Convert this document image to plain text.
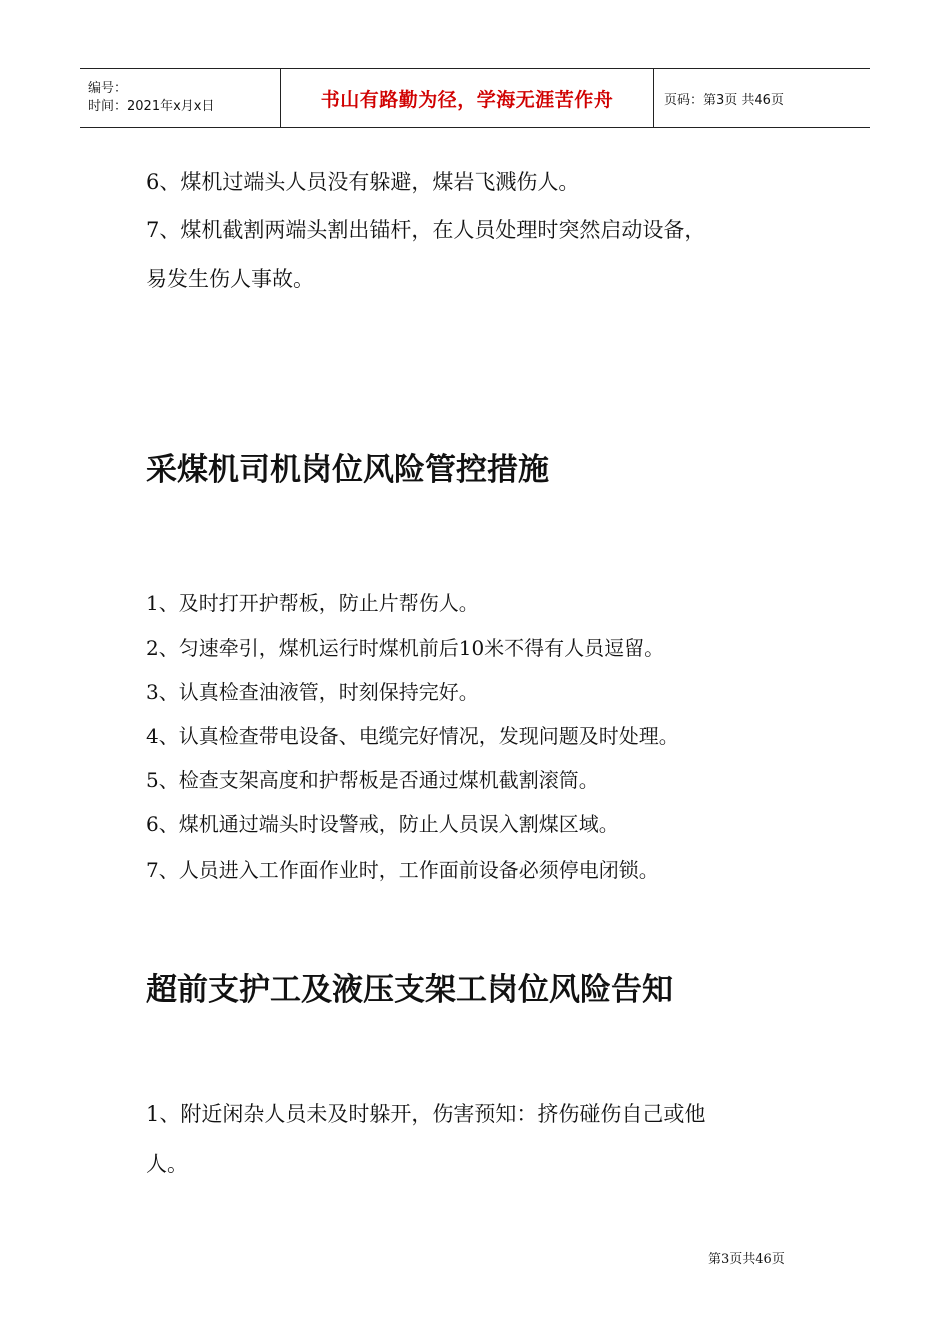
编号：
时间：2021年x月x日	书山有路勤为径，学海无涯苦作舟	页码：第3页 共46页
6、煤机过端头人员没有躲避，煤岩飞溅伤人。
7、煤机截割两端头割出锚杆，在人员处理时突然启动设备，
易发生伤人事故。
采煤机司机岗位风险管控措施
1、及时打开护帮板，防止片帮伤人。
2、匀速牵引，煤机运行时煤机前后10米不得有人员逗留。
3、认真检查油液管，时刻保持完好。
4、认真检查带电设备、电缆完好情况，发现问题及时处理。
5、检查支架高度和护帮板是否通过煤机截割滚筒。
6、煤机通过端头时设警戒，防止人员误入割煤区域。
7、人员进入工作面作业时，工作面前设备必须停电闭锁。
超前支护工及液压支架工岗位风险告知
1、附近闲杂人员未及时躲开，伤害预知：挤伤碰伤自己或他
人。
第3页共46页
